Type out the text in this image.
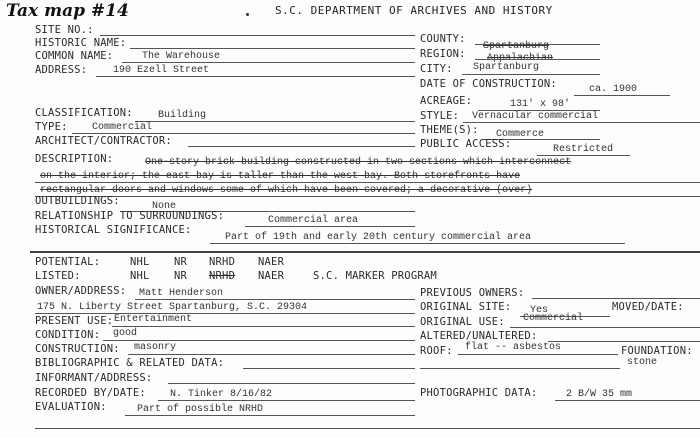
Tax map #14	S.C. DEPARTMENT OF ARCHIVES AND HISTORY
SITE NO.:
HISTORIC NAME:
COMMON NAME:	The Warehouse
ADDRESS:	190 Ezell Street
COUNTY:
Spartanburg
REGION: Appalachian
CITY: Spartanburg
DATE OF CONSTRUCTION:	ca. 1900
ACREAGE:	131' x 98'
CLASSIFICATION:	Building
TYPE: Commercial
ARCHITECT/CONTRACTOR:
STYLE: Vernacular commercial
THEME(S): Commerce
PUBLIC ACCESS:	Restricted
DESCRIPTION:	One-story brick building constructed in two sections which interconnect
on the interior; the east bay is taller than the west bay. Both storefronts have
rectangular doors and windows some of which have been covered; a decorative (over)
OUTBUILDINGS:	None
RELATIONSHIP TO SURROUNDINGS:	Commercial area
HISTORICAL SIGNIFICANCE:
Part of 19th and early 20th century commercial area
POTENTIAL:	NHL NR NRHD NAER
LISTED:	NHL NR NRHD NAER	S.C. MARKER PROGRAM
OWNER/ADDRESS: Matt Henderson
175 N. Liberty Street Spartanburg, S.C. 29304
PREVIOUS OWNERS:
ORIGINAL SITE: Yes	MOVED/DATE:
PRESENT USE: Entertainment	ORIGINAL USE: Commercial
CONDITION: good	ALTERED/UNALTERED:
CONSTRUCTION: masonry	ROOF: flat -- asbestos	FOUNDATION:
stone
BIBLIOGRAPHIC & RELATED DATA:
INFORMANT/ADDRESS:
RECORDED BY/DATE: N. Tinker 8/16/82	PHOTOGRAPHIC DATA:	2 B/W 35 mm
EVALUATION:	Part of possible NRHD
